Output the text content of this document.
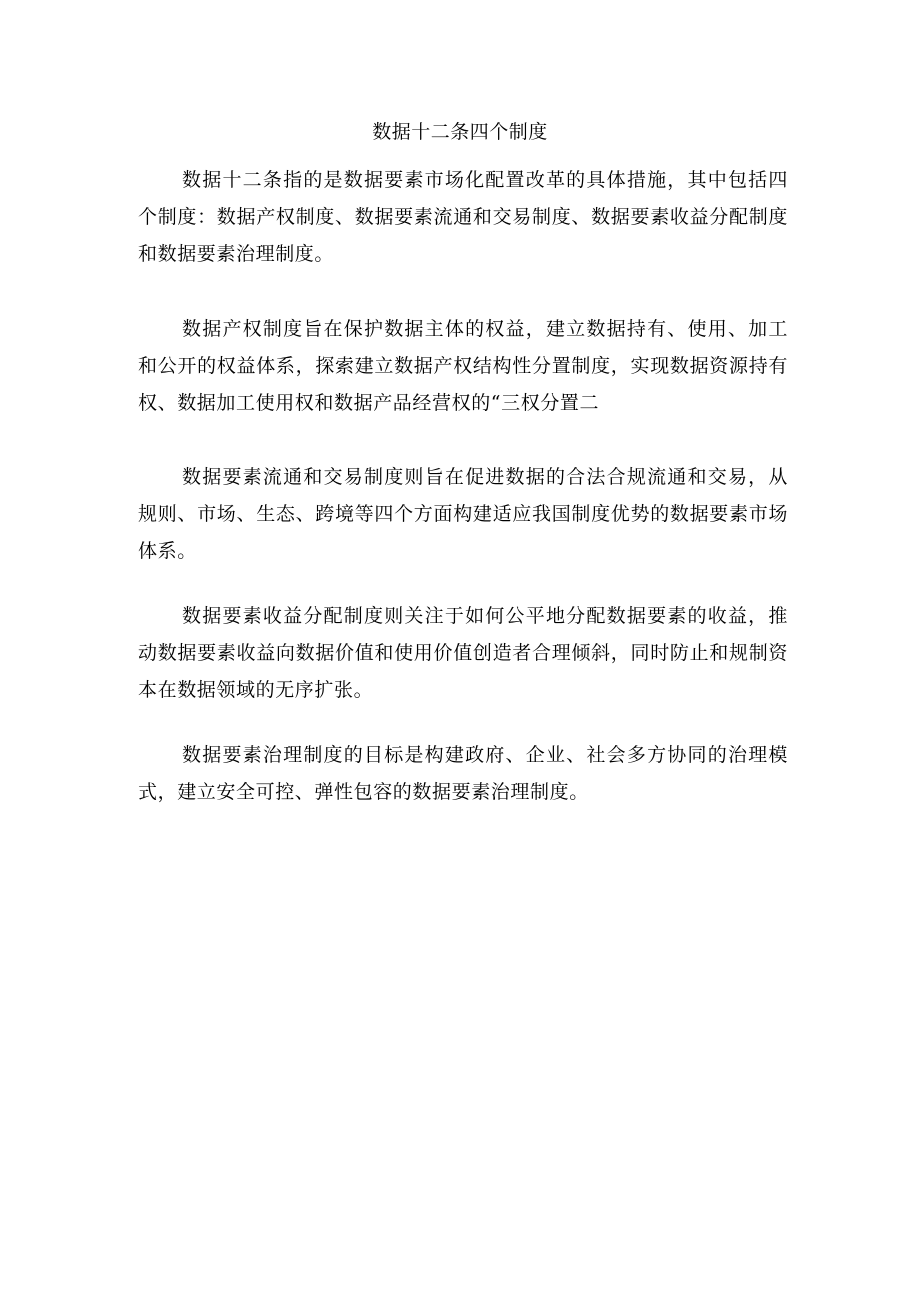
数据十二条四个制度

数据十二条指的是数据要素市场化配置改革的具体措施，其中包括四个制度：数据产权制度、数据要素流通和交易制度、数据要素收益分配制度和数据要素治理制度。

数据产权制度旨在保护数据主体的权益，建立数据持有、使用、加工和公开的权益体系，探索建立数据产权结构性分置制度，实现数据资源持有权、数据加工使用权和数据产品经营权的“三权分置二

数据要素流通和交易制度则旨在促进数据的合法合规流通和交易，从规则、市场、生态、跨境等四个方面构建适应我国制度优势的数据要素市场体系。

数据要素收益分配制度则关注于如何公平地分配数据要素的收益，推动数据要素收益向数据价值和使用价值创造者合理倾斜，同时防止和规制资本在数据领域的无序扩张。

数据要素治理制度的目标是构建政府、企业、社会多方协同的治理模式，建立安全可控、弹性包容的数据要素治理制度。
